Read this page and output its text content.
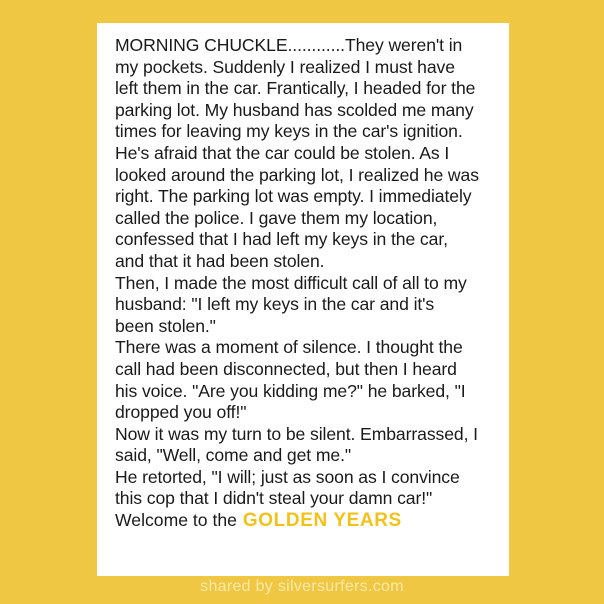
MORNING CHUCKLE............They weren't in
my pockets. Suddenly I realized I must have
left them in the car. Frantically, I headed for the
parking lot. My husband has scolded me many
times for leaving my keys in the car's ignition.
He's afraid that the car could be stolen. As I
looked around the parking lot, I realized he was
right. The parking lot was empty. I immediately
called the police. I gave them my location,
confessed that I had left my keys in the car,
and that it had been stolen.
Then, I made the most difficult call of all to my
husband: "I left my keys in the car and it's
been stolen."
There was a moment of silence. I thought the
call had been disconnected, but then I heard
his voice. "Are you kidding me?" he barked, "I
dropped you off!"
Now it was my turn to be silent. Embarrassed, I
said, "Well, come and get me."
He retorted, "I will; just as soon as I convince
this cop that I didn't steal your damn car!"
Welcome to the GOLDEN YEARS
shared by silversurfers.com
